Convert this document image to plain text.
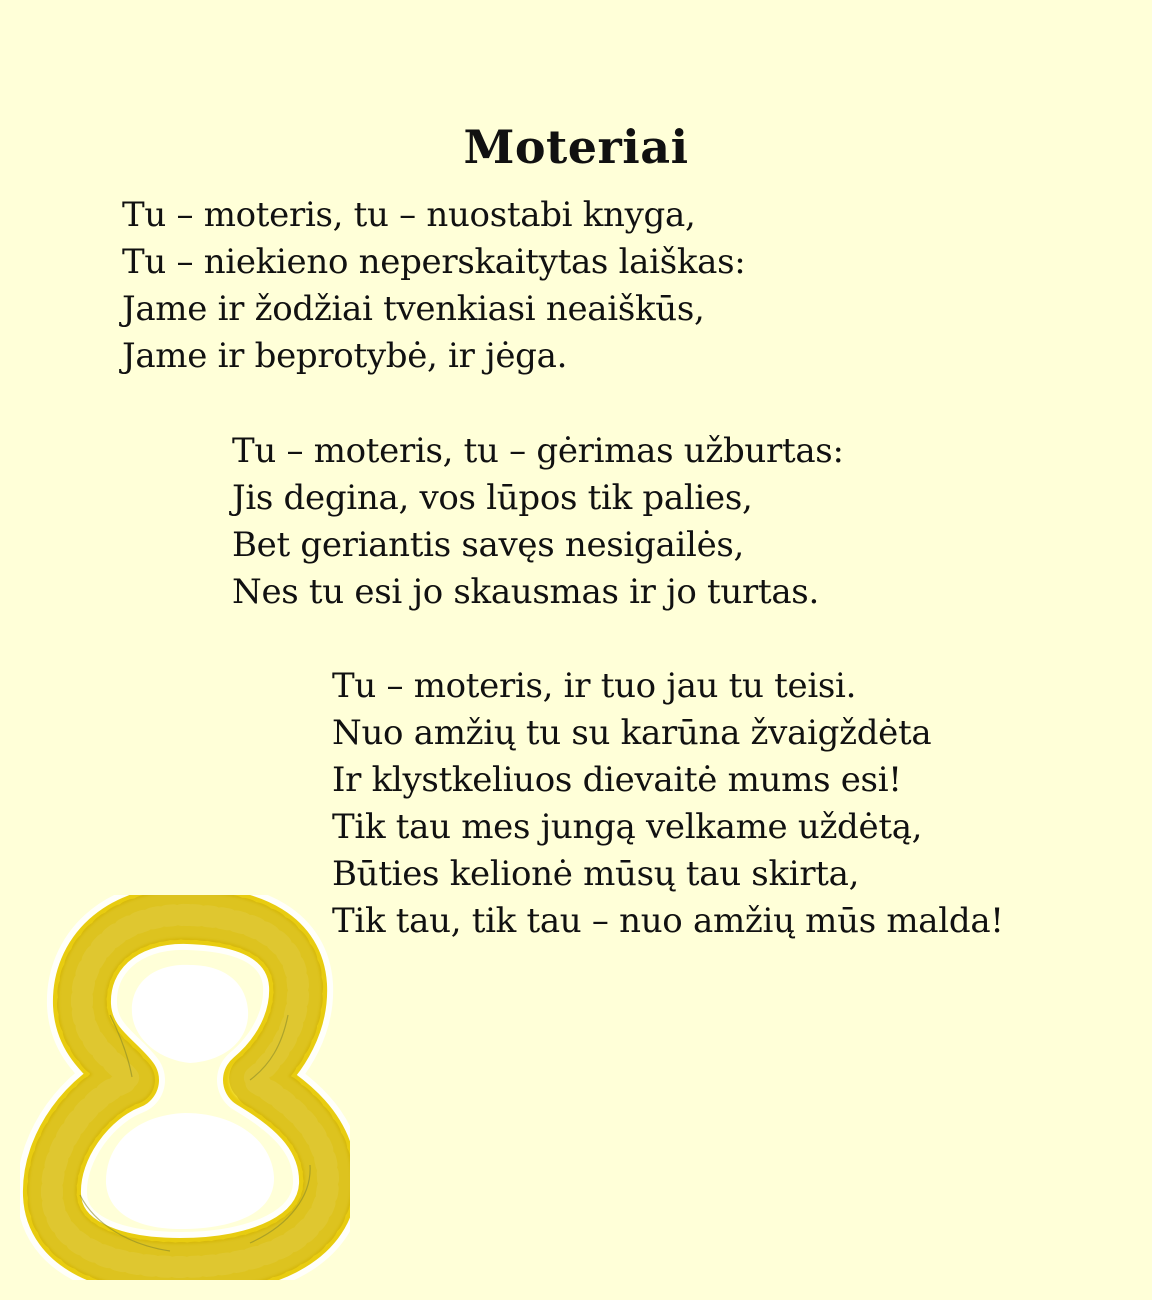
Moteriai
Tu – moteris, tu – nuostabi knyga,
Tu – niekieno neperskaitytas laiškas:
Jame ir žodžiai tvenkiasi neaiškūs,
Jame ir beprotybė, ir jėga.
Tu – moteris, tu – gėrimas užburtas:
Jis degina, vos lūpos tik palies,
Bet geriantis savęs nesigailės,
Nes tu esi jo skausmas ir jo turtas.
Tu – moteris, ir tuo jau tu teisi.
Nuo amžių tu su karūna žvaigždėta
Ir klystkeliuos dievaitė mums esi!
Tik tau mes jungą velkame uždėtą,
Būties kelionė mūsų tau skirta,
Tik tau, tik tau – nuo amžių mūs malda!
